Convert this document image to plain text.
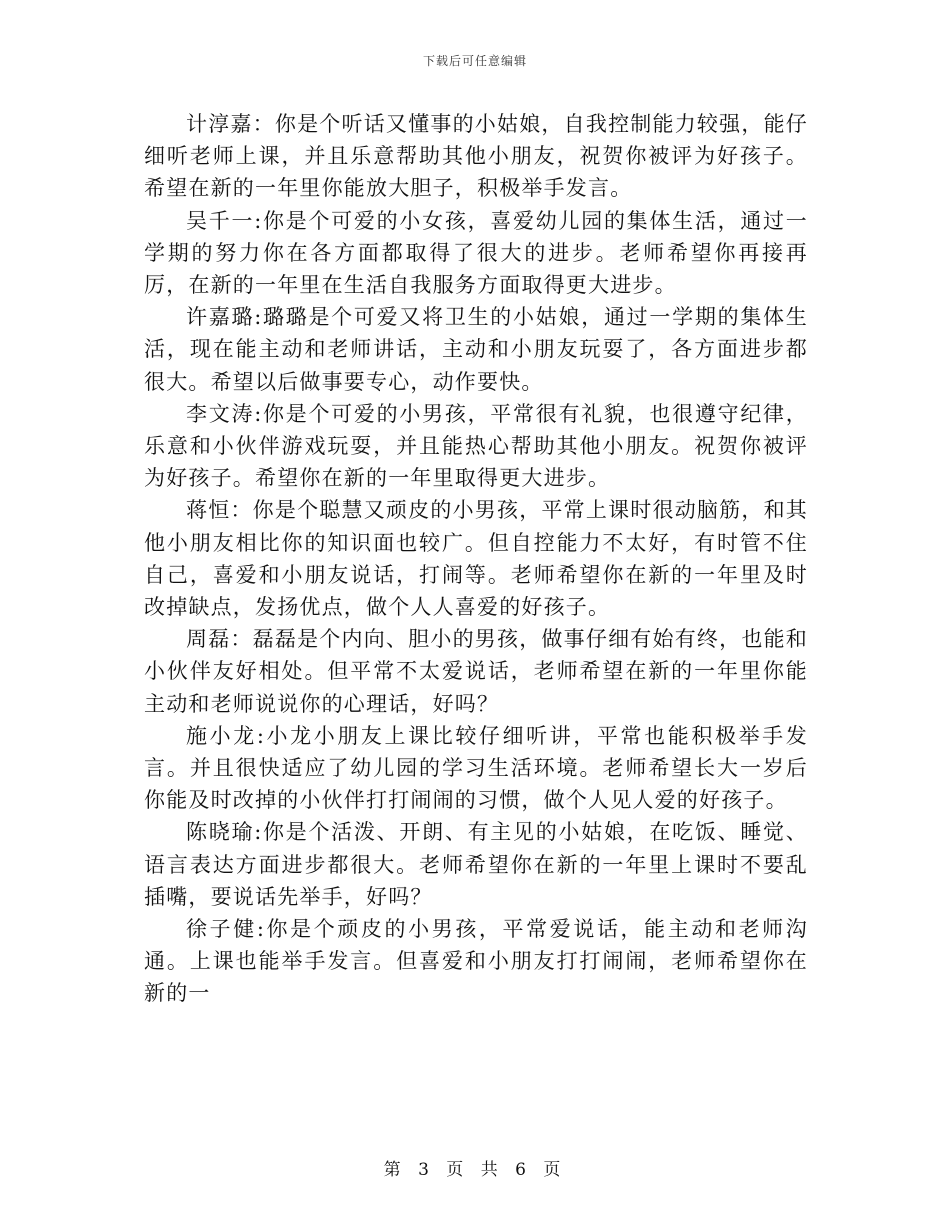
下载后可任意编辑

计淳嘉：你是个听话又懂事的小姑娘，自我控制能力较强，能仔细听老师上课，并且乐意帮助其他小朋友，祝贺你被评为好孩子。希望在新的一年里你能放大胆子，积极举手发言。

吴千一:你是个可爱的小女孩，喜爱幼儿园的集体生活，通过一学期的努力你在各方面都取得了很大的进步。老师希望你再接再厉，在新的一年里在生活自我服务方面取得更大进步。

许嘉璐:璐璐是个可爱又将卫生的小姑娘，通过一学期的集体生活，现在能主动和老师讲话，主动和小朋友玩耍了，各方面进步都很大。希望以后做事要专心，动作要快。

李文涛:你是个可爱的小男孩，平常很有礼貌，也很遵守纪律，乐意和小伙伴游戏玩耍，并且能热心帮助其他小朋友。祝贺你被评为好孩子。希望你在新的一年里取得更大进步。

蒋恒：你是个聪慧又顽皮的小男孩，平常上课时很动脑筋，和其他小朋友相比你的知识面也较广。但自控能力不太好，有时管不住自己，喜爱和小朋友说话，打闹等。老师希望你在新的一年里及时改掉缺点，发扬优点，做个人人喜爱的好孩子。

周磊：磊磊是个内向、胆小的男孩，做事仔细有始有终，也能和小伙伴友好相处。但平常不太爱说话，老师希望在新的一年里你能主动和老师说说你的心理话，好吗？

施小龙:小龙小朋友上课比较仔细听讲，平常也能积极举手发言。并且很快适应了幼儿园的学习生活环境。老师希望长大一岁后你能及时改掉的小伙伴打打闹闹的习惯，做个人见人爱的好孩子。

陈晓瑜:你是个活泼、开朗、有主见的小姑娘，在吃饭、睡觉、语言表达方面进步都很大。老师希望你在新的一年里上课时不要乱插嘴，要说话先举手，好吗？

徐子健:你是个顽皮的小男孩，平常爱说话，能主动和老师沟通。上课也能举手发言。但喜爱和小朋友打打闹闹，老师希望你在新的一

第 3 页 共 6 页
